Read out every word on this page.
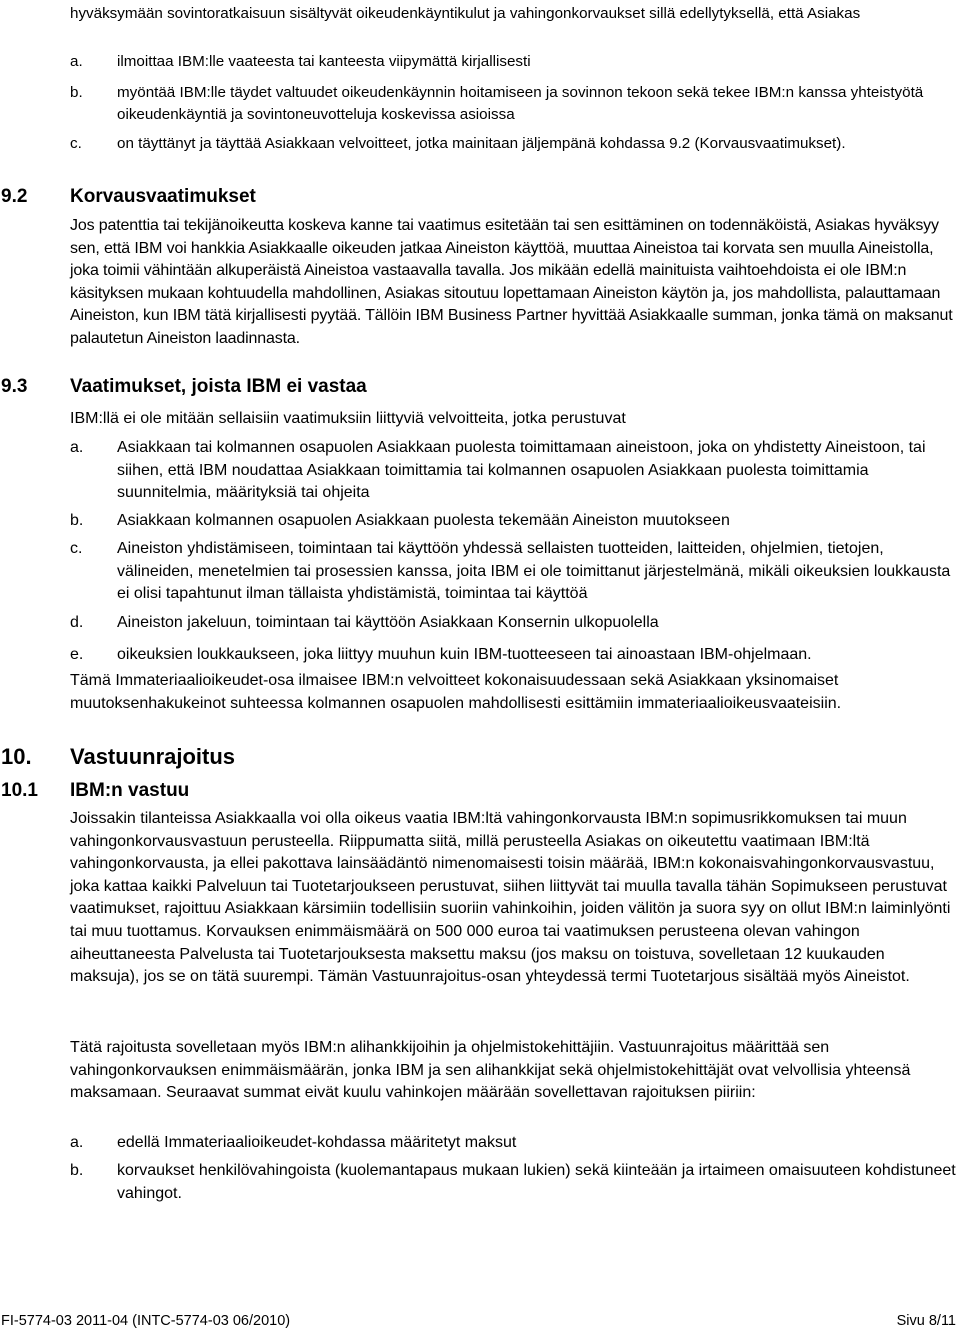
hyväksymään sovintoratkaisuun sisältyvät oikeudenkäyntikulut ja vahingonkorvaukset sillä edellytyksellä, että Asiakas

a. ilmoittaa IBM:lle vaateesta tai kanteesta viipymättä kirjallisesti
b. myöntää IBM:lle täydet valtuudet oikeudenkäynnin hoitamiseen ja sovinnon tekoon sekä tekee IBM:n kanssa yhteistyötä oikeudenkäyntiä ja sovintoneuvotteluja koskevissa asioissa
c. on täyttänyt ja täyttää Asiakkaan velvoitteet, jotka mainitaan jäljempänä kohdassa 9.2 (Korvausvaatimukset).
9.2 Korvausvaatimukset

Jos patenttia tai tekijänoikeutta koskeva kanne tai vaatimus esitetään tai sen esittäminen on todennäköistä, Asiakas hyväksyy sen, että IBM voi hankkia Asiakkaalle oikeuden jatkaa Aineiston käyttöä, muuttaa Aineistoa tai korvata sen muulla Aineistolla, joka toimii vähintään alkuperäistä Aineistoa vastaavalla tavalla. Jos mikään edellä mainituista vaihtoehdoista ei ole IBM:n käsityksen mukaan kohtuudella mahdollinen, Asiakas sitoutuu lopettamaan Aineiston käytön ja, jos mahdollista, palauttamaan Aineiston, kun IBM tätä kirjallisesti pyytää. Tällöin IBM Business Partner hyvittää Asiakkaalle summan, jonka tämä on maksanut palautetun Aineiston laadinnasta.

9.3 Vaatimukset, joista IBM ei vastaa

IBM:llä ei ole mitään sellaisiin vaatimuksiin liittyviä velvoitteita, jotka perustuvat

a. Asiakkaan tai kolmannen osapuolen Asiakkaan puolesta toimittamaan aineistoon, joka on yhdistetty Aineistoon, tai siihen, että IBM noudattaa Asiakkaan toimittamia tai kolmannen osapuolen Asiakkaan puolesta toimittamia suunnitelmia, määrityksiä tai ohjeita
b. Asiakkaan kolmannen osapuolen Asiakkaan puolesta tekemään Aineiston muutokseen
c. Aineiston yhdistämiseen, toimintaan tai käyttöön yhdessä sellaisten tuotteiden, laitteiden, ohjelmien, tietojen, välineiden, menetelmien tai prosessien kanssa, joita IBM ei ole toimittanut järjestelmänä, mikäli oikeuksien loukkausta ei olisi tapahtunut ilman tällaista yhdistämistä, toimintaa tai käyttöä
d. Aineiston jakeluun, toimintaan tai käyttöön Asiakkaan Konsernin ulkopuolella
e. oikeuksien loukkaukseen, joka liittyy muuhun kuin IBM-tuotteeseen tai ainoastaan IBM-ohjelmaan.

Tämä Immateriaalioikeudet-osa ilmaisee IBM:n velvoitteet kokonaisuudessaan sekä Asiakkaan yksinomaiset muutoksenhakukeinot suhteessa kolmannen osapuolen mahdollisesti esittämiin immateriaalioikeusvaateisiin.

10. Vastuunrajoitus
10.1 IBM:n vastuu

Joissakin tilanteissa Asiakkaalla voi olla oikeus vaatia IBM:ltä vahingonkorvausta IBM:n sopimusrikkomuksen tai muun vahingonkorvausvastuun perusteella. Riippumatta siitä, millä perusteella Asiakas on oikeutettu vaatimaan IBM:ltä vahingonkorvausta, ja ellei pakottava lainsäädäntö nimenomaisesti toisin määrää, IBM:n kokonaisvahingonkorvausvastuu, joka kattaa kaikki Palveluun tai Tuotetarjoukseen perustuvat, siihen liittyvät tai muulla tavalla tähän Sopimukseen perustuvat vaatimukset, rajoittuu Asiakkaan kärsimiin todellisiin suoriin vahinkoihin, joiden välitön ja suora syy on ollut IBM:n laiminlyönti tai muu tuottamus. Korvauksen enimmäismäärä on 500 000 euroa tai vaatimuksen perusteena olevan vahingon aiheuttaneesta Palvelusta tai Tuotetarjouksesta maksettu maksu (jos maksu on toistuva, sovelletaan 12 kuukauden maksuja), jos se on tätä suurempi. Tämän Vastuunrajoitus-osan yhteydessä termi Tuotetarjous sisältää myös Aineistot.

Tätä rajoitusta sovelletaan myös IBM:n alihankkijoihin ja ohjelmistokehittäjiin. Vastuunrajoitus määrittää sen vahingonkorvauksen enimmäismäärän, jonka IBM ja sen alihankkijat sekä ohjelmistokehittäjät ovat velvollisia yhteensä maksamaan. Seuraavat summat eivät kuulu vahinkojen määrään sovellettavan rajoituksen piiriin:

a. edellä Immateriaalioikeudet-kohdassa määritetyt maksut
b. korvaukset henkilövahingoista (kuolemantapaus mukaan lukien) sekä kiinteään ja irtaimeen omaisuuteen kohdistuneet vahingot.
FI-5774-03 2011-04 (INTC-5774-03 06/2010)	Sivu 8/11
